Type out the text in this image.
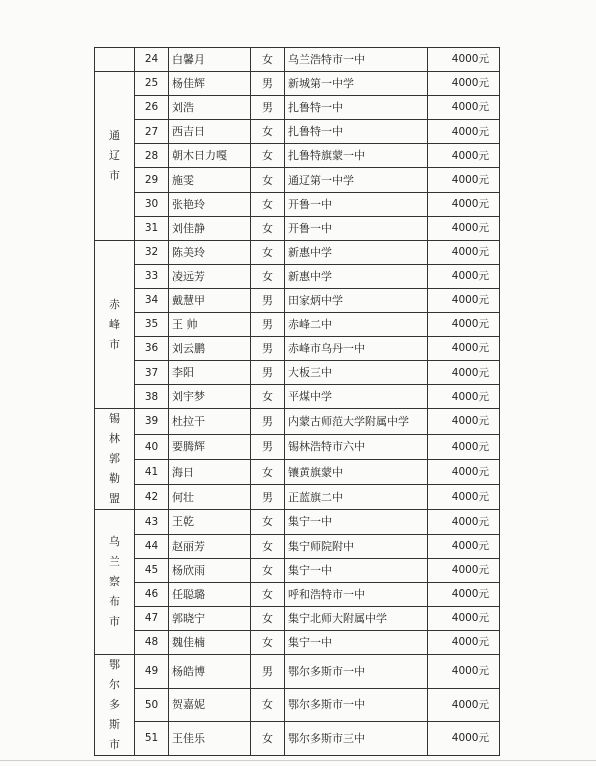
	24	白馨月	女	乌兰浩特市一中	4000元
通辽市	25	杨佳辉	男	新城第一中学	4000元
	26	刘浩	男	扎鲁特一中	4000元
	27	西吉日	女	扎鲁特一中	4000元
	28	朝木日力嘎	女	扎鲁特旗蒙一中	4000元
	29	施雯	女	通辽第一中学	4000元
	30	张艳玲	女	开鲁一中	4000元
	31	刘佳静	女	开鲁一中	4000元
赤峰市	32	陈美玲	女	新惠中学	4000元
	33	凌远芳	女	新惠中学	4000元
	34	戴慧甲	男	田家炳中学	4000元
	35	王 帅	男	赤峰二中	4000元
	36	刘云鹏	男	赤峰市乌丹一中	4000元
	37	李阳	男	大板三中	4000元
	38	刘宇梦	女	平煤中学	4000元
锡林郭勒盟	39	杜拉干	男	内蒙古师范大学附属中学	4000元
	40	要腾辉	男	锡林浩特市六中	4000元
	41	海日	女	镶黄旗蒙中	4000元
	42	何壮	男	正蓝旗二中	4000元
乌兰察布市	43	王乾	女	集宁一中	4000元
	44	赵丽芳	女	集宁师院附中	4000元
	45	杨欣雨	女	集宁一中	4000元
	46	任聪璐	女	呼和浩特市一中	4000元
	47	郭晓宁	女	集宁北师大附属中学	4000元
	48	魏佳楠	女	集宁一中	4000元
鄂尔多斯市	49	杨皓博	男	鄂尔多斯市一中	4000元
	50	贺嘉妮	女	鄂尔多斯市一中	4000元
	51	王佳乐	女	鄂尔多斯市三中	4000元
